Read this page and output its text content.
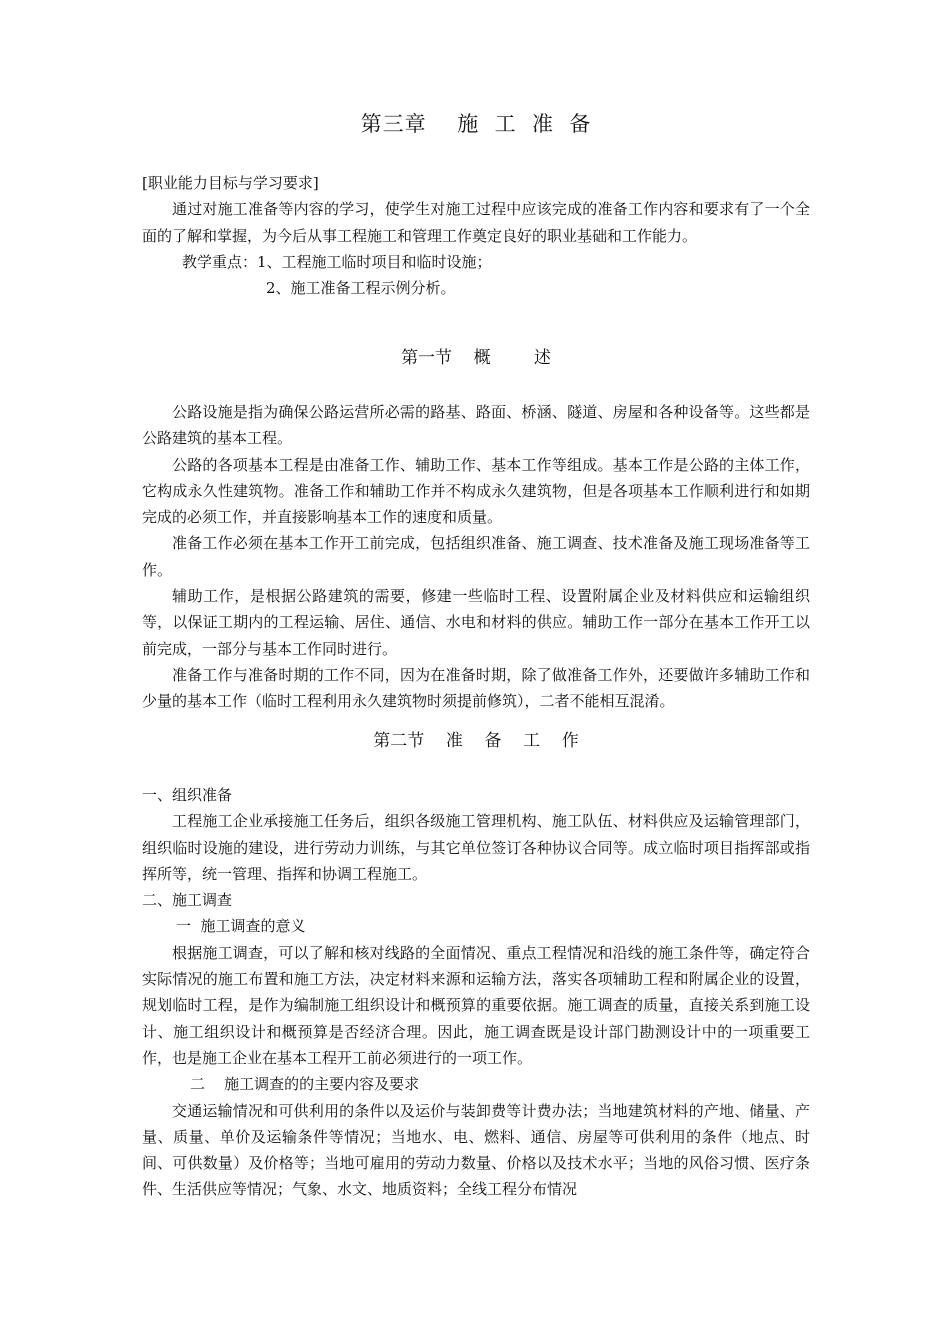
第三章    施  工  准  备

[职业能力目标与学习要求]

通过对施工准备等内容的学习，使学生对施工过程中应该完成的准备工作内容和要求有了一个全面的了解和掌握，为今后从事工程施工和管理工作奠定良好的职业基础和工作能力。

教学重点：1、工程施工临时项目和临时设施；

2、施工准备工程示例分析。

第一节    概        述

公路设施是指为确保公路运营所必需的路基、路面、桥涵、隧道、房屋和各种设备等。这些都是公路建筑的基本工程。

公路的各项基本工程是由准备工作、辅助工作、基本工作等组成。基本工作是公路的主体工作，它构成永久性建筑物。准备工作和辅助工作并不构成永久建筑物，但是各项基本工作顺利进行和如期完成的必须工作，并直接影响基本工作的速度和质量。

准备工作必须在基本工作开工前完成，包括组织准备、施工调查、技术准备及施工现场准备等工作。

辅助工作，是根据公路建筑的需要，修建一些临时工程、设置附属企业及材料供应和运输组织等，以保证工期内的工程运输、居住、通信、水电和材料的供应。辅助工作一部分在基本工作开工以前完成，一部分与基本工作同时进行。

准备工作与准备时期的工作不同，因为在准备时期，除了做准备工作外，还要做许多辅助工作和少量的基本工作（临时工程利用永久建筑物时须提前修筑），二者不能相互混淆。

第二节    准    备    工    作

一、组织准备

工程施工企业承接施工任务后，组织各级施工管理机构、施工队伍、材料供应及运输管理部门，组织临时设施的建设，进行劳动力训练，与其它单位签订各种协议合同等。成立临时项目指挥部或指挥所等，统一管理、指挥和协调工程施工。

二、施工调查

一  施工调查的意义

根据施工调查，可以了解和核对线路的全面情况、重点工程情况和沿线的施工条件等，确定符合实际情况的施工布置和施工方法，决定材料来源和运输方法，落实各项辅助工程和附属企业的设置，规划临时工程，是作为编制施工组织设计和概预算的重要依据。施工调查的质量，直接关系到施工设计、施工组织设计和概预算是否经济合理。因此，施工调查既是设计部门勘测设计中的一项重要工作，也是施工企业在基本工程开工前必须进行的一项工作。

二    施工调查的的主要内容及要求

交通运输情况和可供利用的条件以及运价与装卸费等计费办法；当地建筑材料的产地、储量、产量、质量、单价及运输条件等情况；当地水、电、燃料、通信、房屋等可供利用的条件（地点、时间、可供数量）及价格等；当地可雇用的劳动力数量、价格以及技术水平；当地的风俗习惯、医疗条件、生活供应等情况；气象、水文、地质资料；全线工程分布情况
